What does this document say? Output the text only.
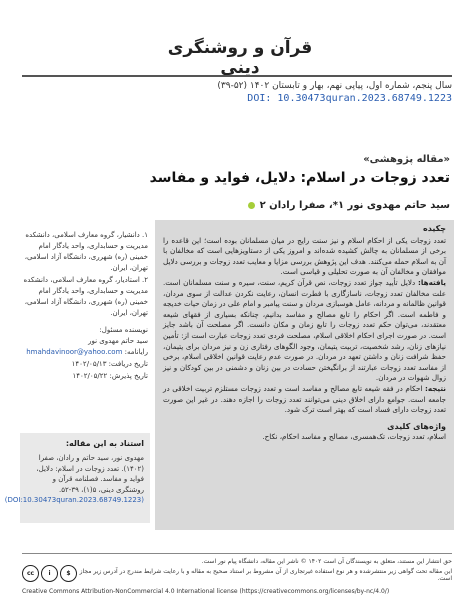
قرآن و روشنگری دینی
سال پنجم، شماره اول، پیاپی نهم، بهار و تابستان ۱۴۰۲ (۵۲-۳۹)
DOI: 10.30473quran.2023.68749.1223
«مقاله پژوهشی»
تعدد زوجات در اسلام: دلایل، فواید و مفاسد
سید حاتم مهدوی نور ۱*، صفرا رادان ۲
۱. دانشیار، گروه معارف اسلامی، دانشکده مدیریت و حسابداری، واحد یادگار امام خمینی (ره) شهرری، دانشگاه آزاد اسلامی، تهران، ایران.
۲. استادیار، گروه معارف اسلامی، دانشکده مدیریت و حسابداری، واحد یادگار امام خمینی (ره) شهرری، دانشگاه آزاد اسلامی، تهران، ایران.
نویسنده مسئول:
سید حاتم مهدوی نور
رایانامه: hmahdavinoor@yahoo.com
تاریخ دریافت: ۱۴۰۲/۰۵/۱۳
تاریخ پذیرش: ۱۴۰۲/۰۵/۲۲
استناد به این مقاله:
مهدوی نور، سید حاتم و رادان، صفرا (۱۴۰۲). تعدد زوجات در اسلام: دلایل، فواید و مفاسد. فصلنامه قرآن و روشنگری دینی، ۵(۱)، ۳۹-۵۲. (DOI:10.30473quran.2023.68749.1223)
چکیده
تعدد زوجات یکی از احکام اسلام و نیز سنت رایج در میان مسلمانان بوده است؛ این قاعده را برخی از مسلمانان به چالش کشیده شده‌اند و امروز یکی از دستاویزهایی است که مخالفان با آن به اسلام حمله می‌کنند. هدف این پژوهش بررسی مزایا و معایب تعدد زوجات و بررسی دلایل موافقان و مخالفان آن به صورت تحلیلی و قیاسی است.
یافته‌ها: دلایل تأیید جواز تعدد زوجات، نص قرآن کریم، سنت، سیره و سنت مسلمانان است. علت مخالفان تعدد زوجات، ناسازگاری با فطرت انسان، رعایت نکردن عدالت از سوی مردان، قوانین ظالمانه و مردانه، عامل هوسبازی مردان و سنت پیامبر و امام علی در زمان حیات خدیجه و فاطمه است. اگر احکام را تابع مصالح و مفاسد بدانیم، چنانکه بسیاری از فقهای شیعه معتقدند، می‌توان حکم تعدد زوجات را تابع زمان و مکان دانست. اگر مصلحت آن باشد جایز است. در صورت اجرای احکام اخلاقی اسلام، مصلحت فردی تعدد زوجات عبارت است از: تأمین نیازهای زنان، رشد شخصیت، تربیت یتیمان، وجود الگوهای رفتاری زن و نیز مردان برای یتیمان، حفظ شرافت زنان و داشتن تعهد در مردان. در صورت عدم رعایت قوانین اخلاقی اسلام، برخی از مفاسد تعدد زوجات عبارتند از برانگیختن حسادت در بین زنان و دشمنی در بین کودکان و نیز زوال شهوات در مردان.
نتیجه: احکام در فقه شیعه تابع مصالح و مفاسد است و تعدد زوجات مستلزم تربیت اخلاقی در جامعه است. جوامع دارای اخلاق دینی می‌توانند تعدد زوجات را اجازه دهند. در غیر این صورت تعدد زوجات دارای فساد است که بهتر است ترک شود.
واژه‌های کلیدی
اسلام، تعدد زوجات، تک‌همسری، مصالح و مفاسد احکام، نکاح.
حق انتشار این مستند، متعلق به نویسندگان آن است ۱۴۰۲ © ناشر این مقاله، دانشگاه پیام نور است.
cc	i	$	این مقاله تحت گواهی زیر منتشرشده و هر نوع استفاده غیرتجاری از آن مشروط بر استناد صحیح به مقاله و با رعایت شرایط مندرج در آدرس زیر مجاز است.
Creative Commons Attribution-NonCommercial 4.0 International license (https://creativecommons.org/licenses/by-nc/4.0/)
